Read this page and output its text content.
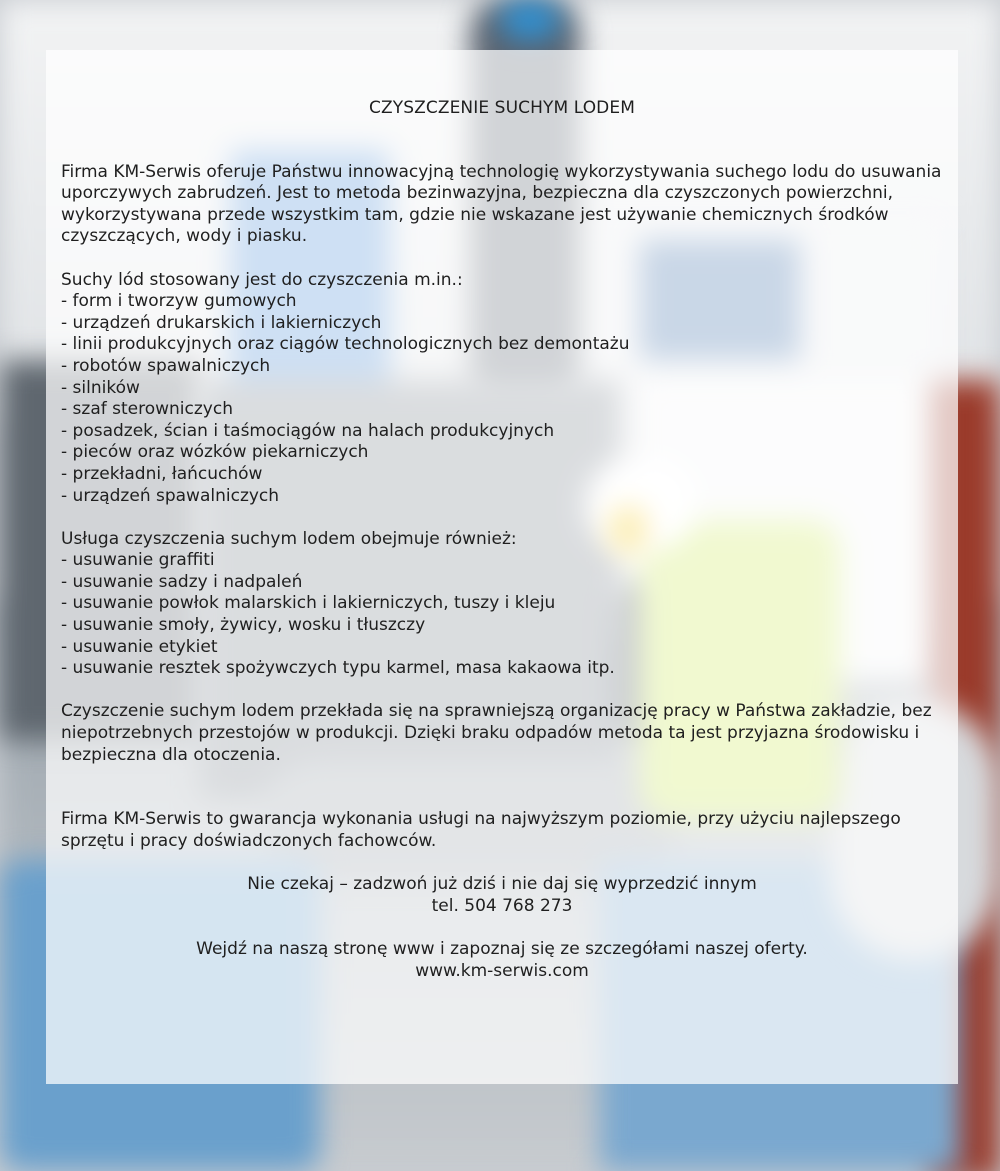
CZYSZCZENIE SUCHYM LODEM

Firma KM-Serwis oferuje Państwu innowacyjną technologię wykorzystywania suchego lodu do usuwania uporczywych zabrudzeń. Jest to metoda bezinwazyjna, bezpieczna dla czyszczonych powierzchni, wykorzystywana przede wszystkim tam, gdzie nie wskazane jest używanie chemicznych środków czyszczących, wody i piasku.

Suchy lód stosowany jest do czyszczenia m.in.:

- form i tworzyw gumowych
- urządzeń drukarskich i lakierniczych
- linii produkcyjnych oraz ciągów technologicznych bez demontażu
- robotów spawalniczych
- silników
- szaf sterowniczych
- posadzek, ścian i taśmociągów na halach produkcyjnych
- pieców oraz wózków piekarniczych
- przekładni, łańcuchów
- urządzeń spawalniczych

Usługa czyszczenia suchym lodem obejmuje również:

- usuwanie graffiti
- usuwanie sadzy i nadpaleń
- usuwanie powłok malarskich i lakierniczych, tuszy i kleju
- usuwanie smoły, żywicy, wosku i tłuszczy
- usuwanie etykiet
- usuwanie resztek spożywczych typu karmel, masa kakaowa itp.

Czyszczenie suchym lodem przekłada się na sprawniejszą organizację pracy w Państwa zakładzie, bez niepotrzebnych przestojów w produkcji. Dzięki braku odpadów metoda ta jest przyjazna środowisku i bezpieczna dla otoczenia.

Firma KM-Serwis to gwarancja wykonania usługi na najwyższym poziomie, przy użyciu najlepszego sprzętu i pracy doświadczonych fachowców.

Nie czekaj – zadzwoń już dziś i nie daj się wyprzedzić innym

tel. 504 768 273

Wejdź na naszą stronę www i zapoznaj się ze szczegółami naszej oferty.

www.km-serwis.com
